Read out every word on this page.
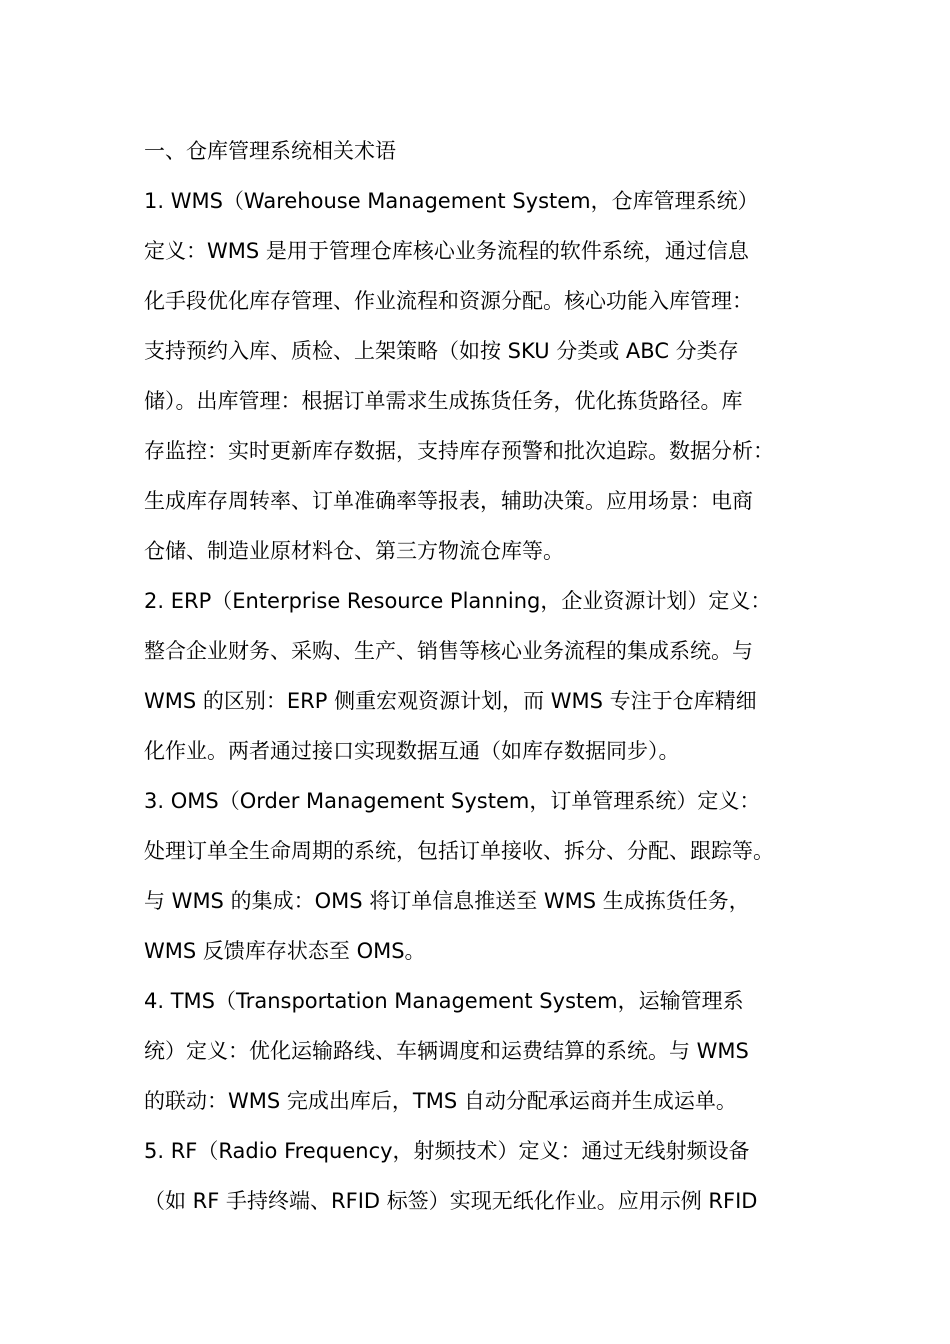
一、仓库管理系统相关术语
1. WMS（Warehouse Management System，仓库管理系统）
定义：WMS 是用于管理仓库核心业务流程的软件系统，通过信息
化手段优化库存管理、作业流程和资源分配。核心功能入库管理：
支持预约入库、质检、上架策略（如按 SKU 分类或 ABC 分类存
储）。出库管理：根据订单需求生成拣货任务，优化拣货路径。库
存监控：实时更新库存数据，支持库存预警和批次追踪。数据分析：
生成库存周转率、订单准确率等报表，辅助决策。应用场景：电商
仓储、制造业原材料仓、第三方物流仓库等。
2. ERP（Enterprise Resource Planning，企业资源计划）定义：
整合企业财务、采购、生产、销售等核心业务流程的集成系统。与
WMS 的区别：ERP 侧重宏观资源计划，而 WMS 专注于仓库精细
化作业。两者通过接口实现数据互通（如库存数据同步）。
3. OMS（Order Management System，订单管理系统）定义：
处理订单全生命周期的系统，包括订单接收、拆分、分配、跟踪等。
与 WMS 的集成：OMS 将订单信息推送至 WMS 生成拣货任务，
WMS 反馈库存状态至 OMS。
4. TMS（Transportation Management System，运输管理系
统）定义：优化运输路线、车辆调度和运费结算的系统。与 WMS
的联动：WMS 完成出库后，TMS 自动分配承运商并生成运单。
5. RF（Radio Frequency，射频技术）定义：通过无线射频设备
（如 RF 手持终端、RFID 标签）实现无纸化作业。应用示例 RFID
